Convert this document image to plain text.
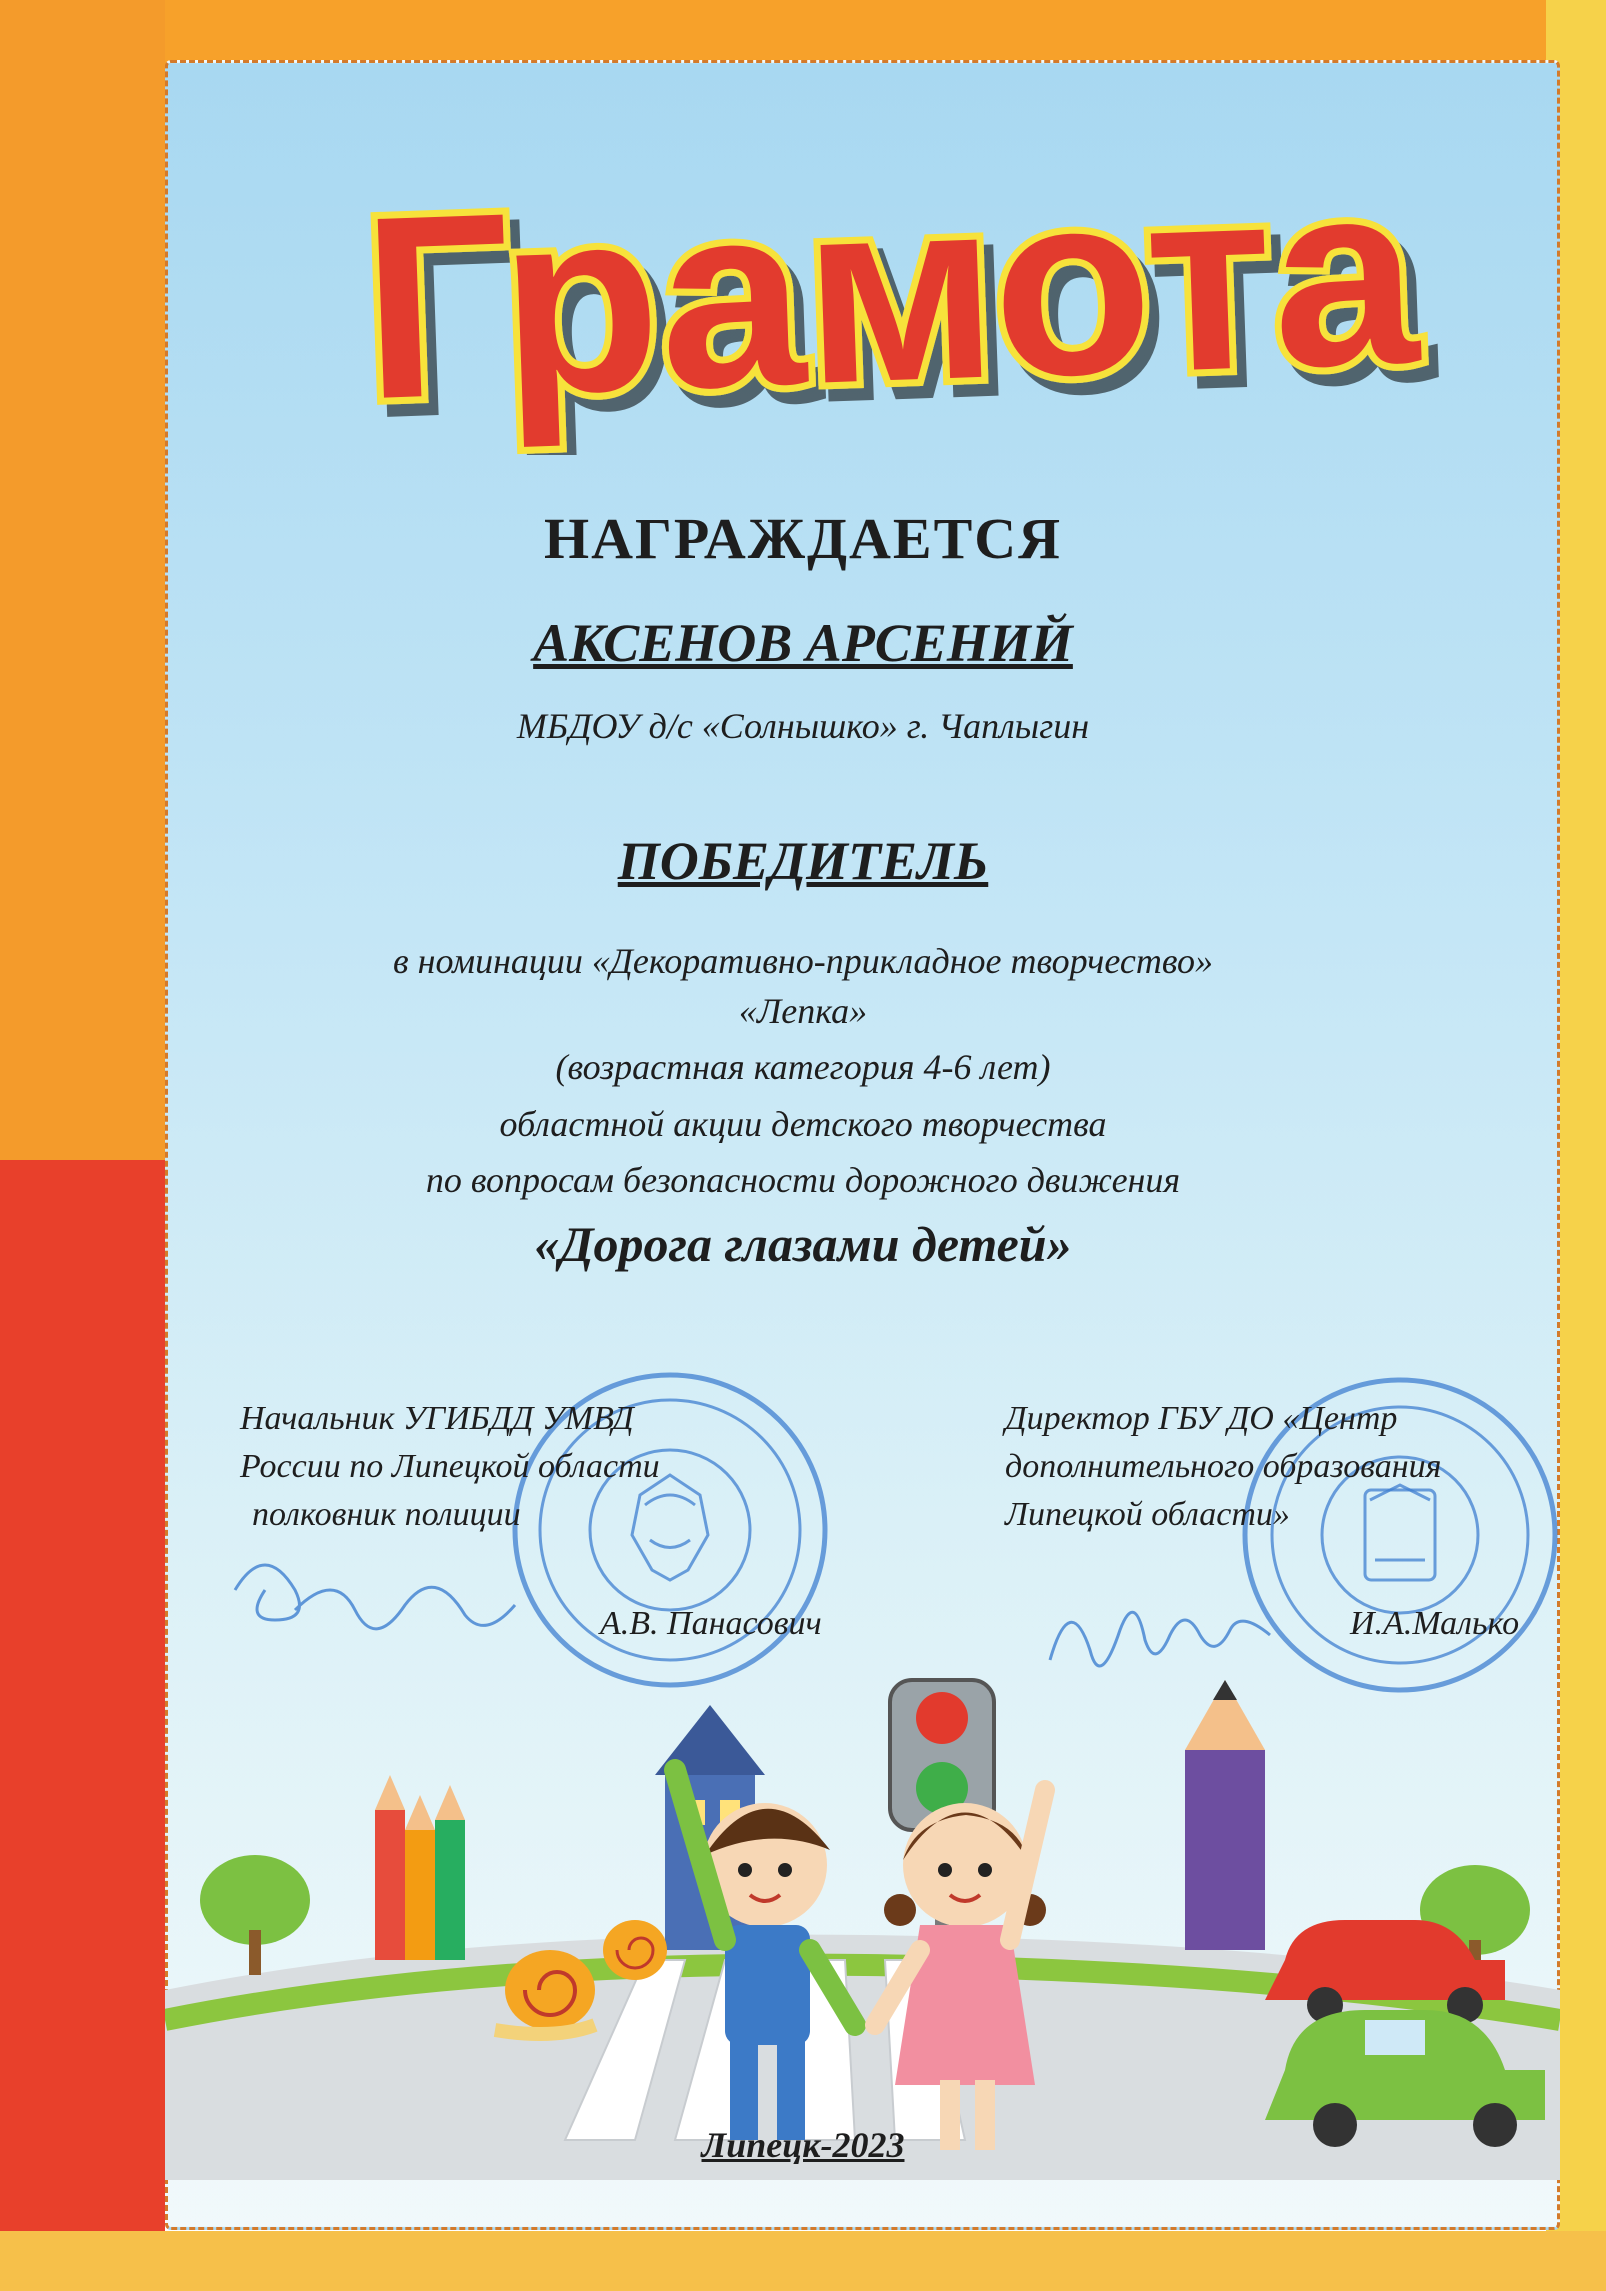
Грамота
НАГРАЖДАЕТСЯ
АКСЕНОВ АРСЕНИЙ
МБДОУ д/с «Солнышко» г. Чаплыгин
ПОБЕДИТЕЛЬ
в номинации «Декоративно-прикладное творчество»
«Лепка»
(возрастная категория 4-6 лет)
областной акции детского творчества
по вопросам безопасности дорожного движения
«Дорога глазами детей»
Начальник УГИБДД УМВД
России по Липецкой области
полковник полиции
А.В. Панасович
Директор ГБУ ДО «Центр
дополнительного образования
Липецкой области»
И.А.Малько
Липецк-2023
